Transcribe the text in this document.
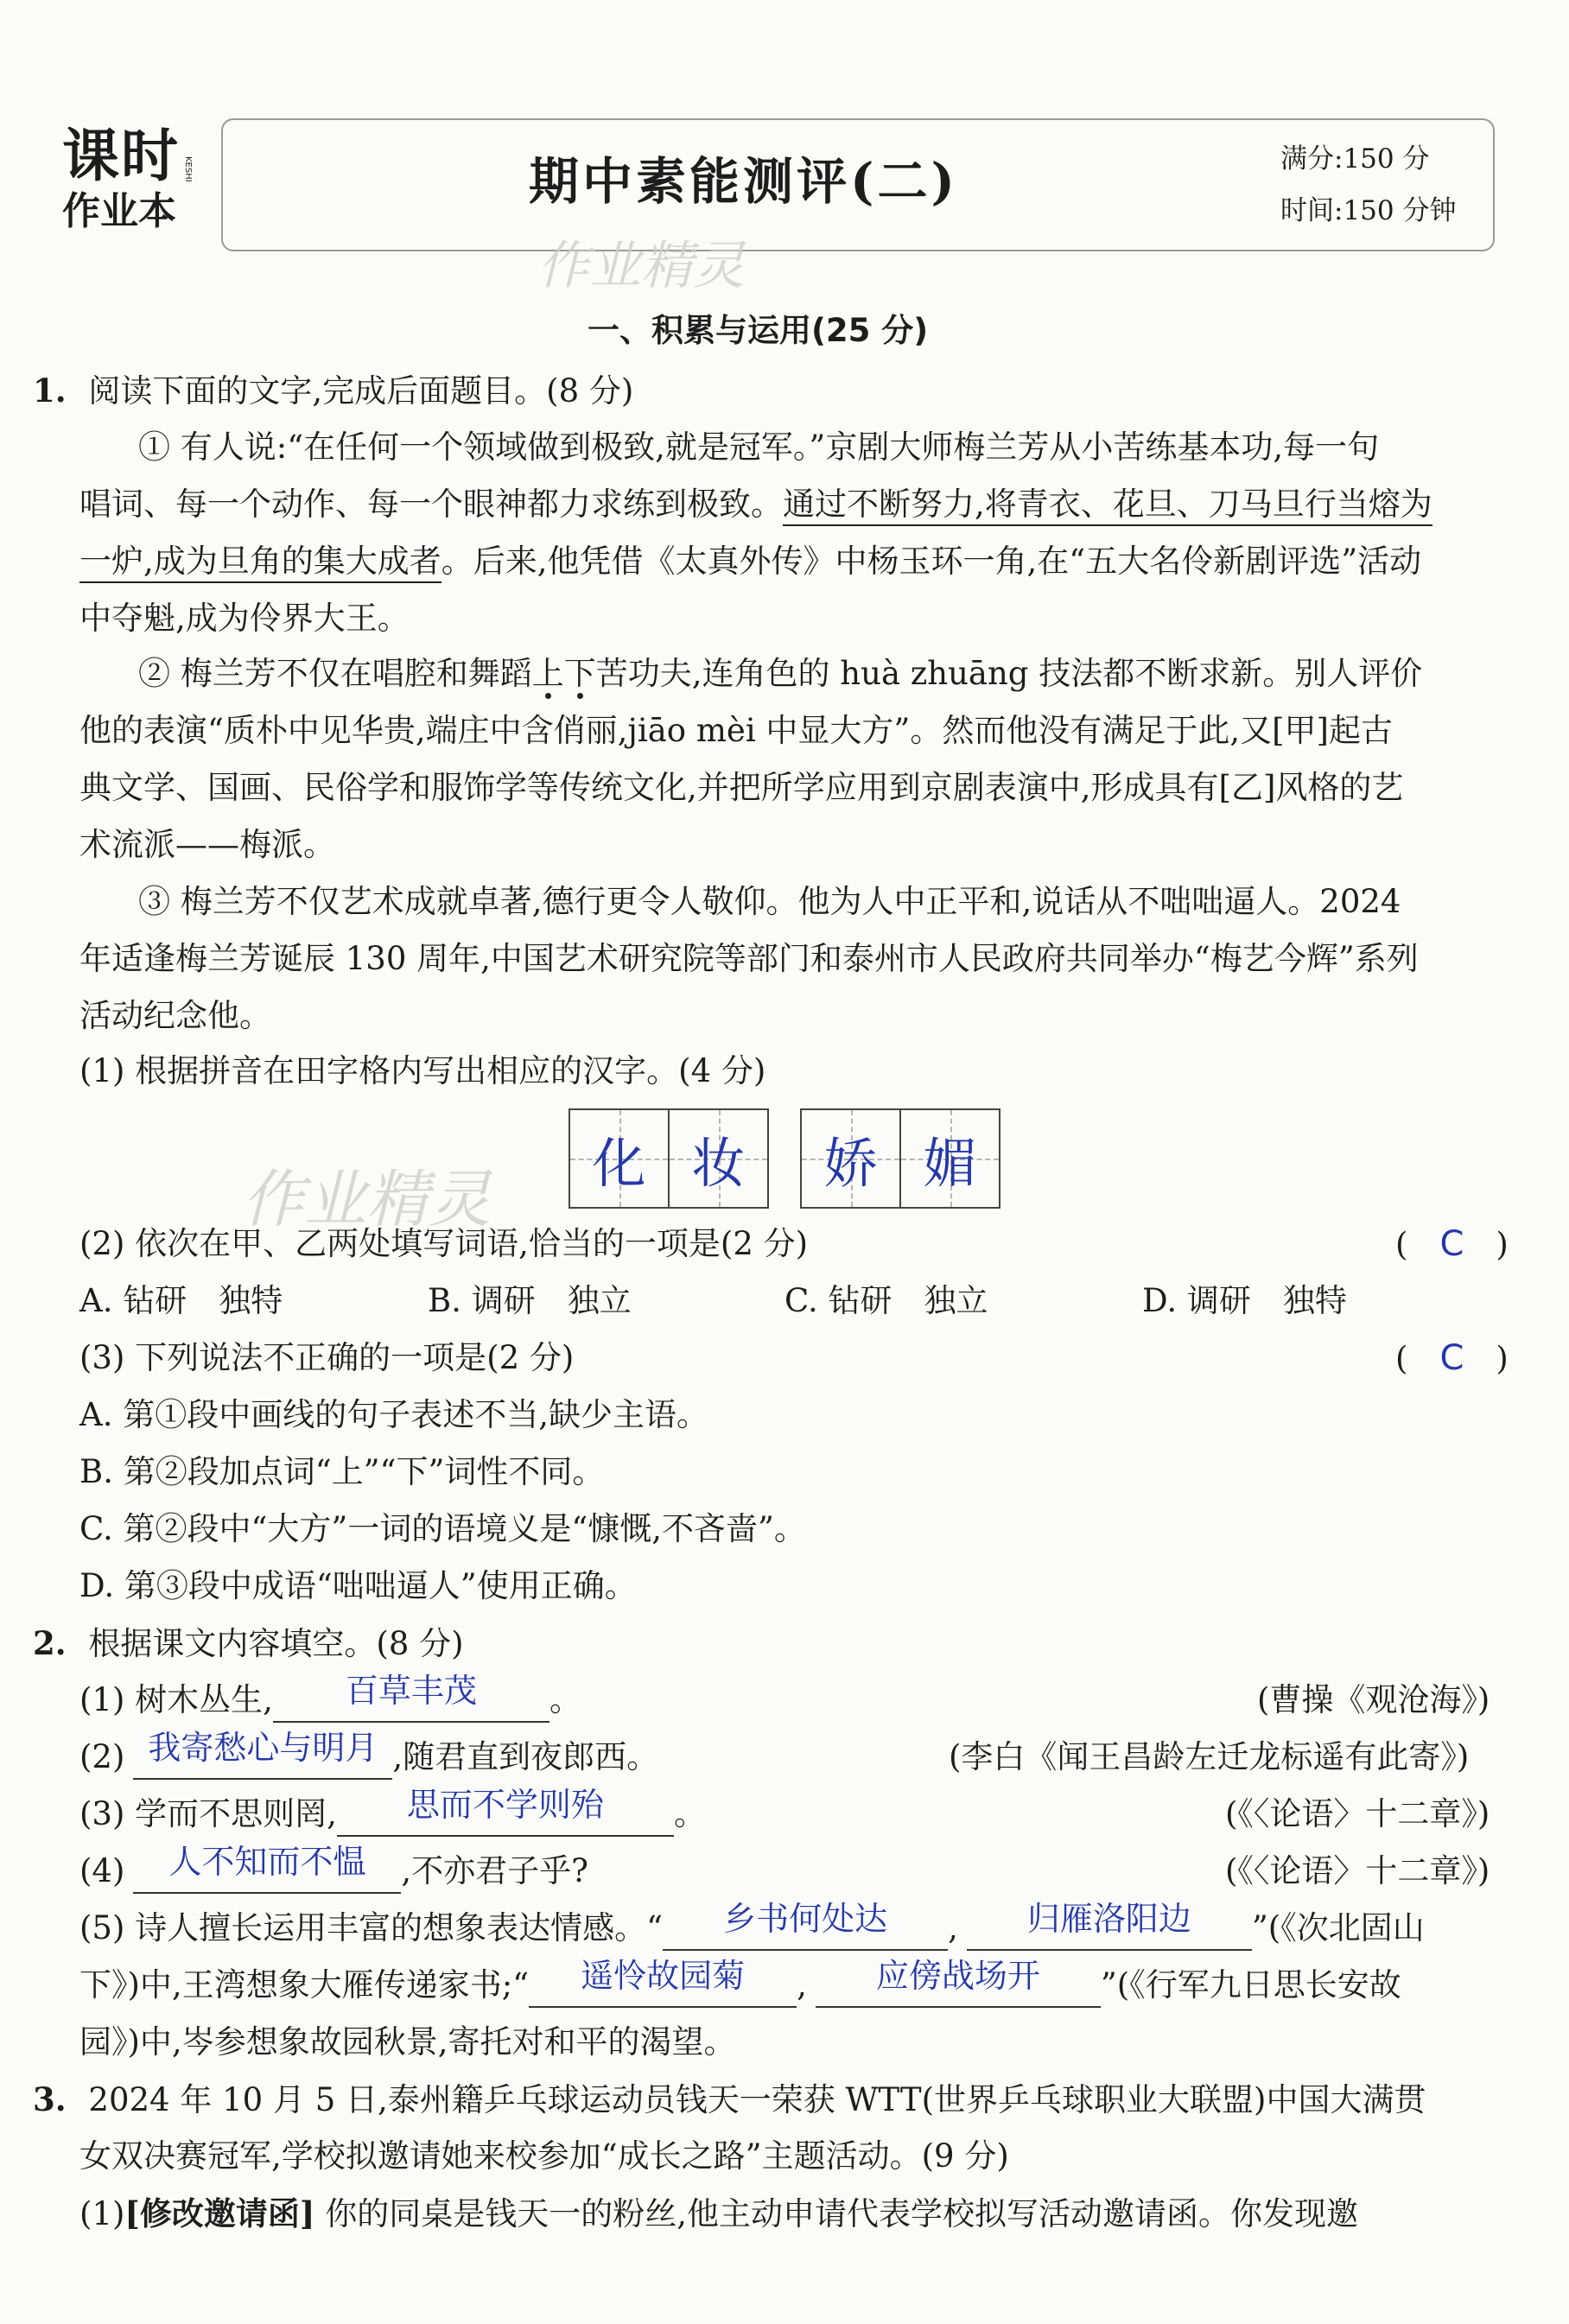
课时
作业本
KESHI	期中素能测评(二)	满分:150 分
时间:150 分钟
作业精灵
一、积累与运用(25 分)
1. 阅读下面的文字,完成后面题目。(8 分)
① 有人说:“在任何一个领域做到极致,就是冠军。”京剧大师梅兰芳从小苦练基本功,每一句
唱词、每一个动作、每一个眼神都力求练到极致。通过不断努力,将青衣、花旦、刀马旦行当熔为
一炉,成为旦角的集大成者。后来,他凭借《太真外传》中杨玉环一角,在“五大名伶新剧评选”活动
中夺魁,成为伶界大王。
② 梅兰芳不仅在唱腔和舞蹈上下苦功夫,连角色的 huà zhuāng 技法都不断求新。别人评价
他的表演“质朴中见华贵,端庄中含俏丽,jiāo mèi 中显大方”。然而他没有满足于此,又[甲]起古
典文学、国画、民俗学和服饰学等传统文化,并把所学应用到京剧表演中,形成具有[乙]风格的艺
术流派——梅派。
③ 梅兰芳不仅艺术成就卓著,德行更令人敬仰。他为人中正平和,说话从不咄咄逼人。2024
年适逢梅兰芳诞辰 130 周年,中国艺术研究院等部门和泰州市人民政府共同举办“梅艺今辉”系列
活动纪念他。
(1) 根据拼音在田字格内写出相应的汉字。(4 分)
化 妆	娇 媚
作业精灵
(2) 依次在甲、乙两处填写词语,恰当的一项是(2 分)	(　C　)
A. 钻研　独特	B. 调研　独立	C. 钻研　独立	D. 调研　独特
(3) 下列说法不正确的一项是(2 分)	(　C　)
A. 第①段中画线的句子表述不当,缺少主语。
B. 第②段加点词“上”“下”词性不同。
C. 第②段中“大方”一词的语境义是“慷慨,不吝啬”。
D. 第③段中成语“咄咄逼人”使用正确。
2. 根据课文内容填空。(8 分)
(1) 树木丛生, 百草丰茂 。	(曹操《观沧海》)
(2) 我寄愁心与明月 ,随君直到夜郎西。	(李白《闻王昌龄左迁龙标遥有此寄》)
(3) 学而不思则罔, 思而不学则殆 。	(《〈论语〉十二章》)
(4) 人不知而不愠 ,不亦君子乎?	(《〈论语〉十二章》)
(5) 诗人擅长运用丰富的想象表达情感。“ 乡书何处达 , 归雁洛阳边 ”(《次北固山
下》)中,王湾想象大雁传递家书;“ 遥怜故园菊 , 应傍战场开 ”(《行军九日思长安故
园》)中,岑参想象故园秋景,寄托对和平的渴望。
3. 2024 年 10 月 5 日,泰州籍乒乓球运动员钱天一荣获 WTT(世界乒乓球职业大联盟)中国大满贯
女双决赛冠军,学校拟邀请她来校参加“成长之路”主题活动。(9 分)
(1)[修改邀请函] 你的同桌是钱天一的粉丝,他主动申请代表学校拟写活动邀请函。你发现邀
